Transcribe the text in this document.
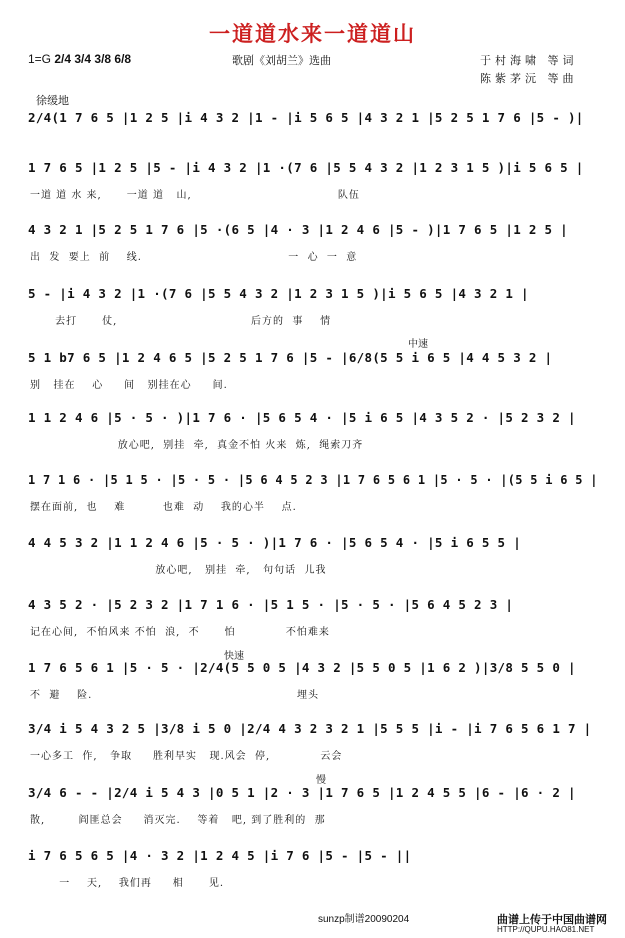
一道道水来一道道山
1=G 2/4 3/4 3/8 6/8	歌剧《刘胡兰》选曲	于村海啸 等词
陈紫茅沅 等曲
徐缓地
中速
快速
慢
2/4(1 7 6 5 |1 2 5 |i 4 3 2 |1 - |i 5 6 5 |4 3 2 1 |5 2 5 1 7 6 |5 - )|
1 7 6 5 |1 2 5 |5 - |i 4 3 2 |1 ·(7 6 |5 5 4 3 2 |1 2 3 1 5 )|i 5 6 5 |
一道 道 水 来,      一道 道   山,                                   队伍
4 3 2 1 |5 2 5 1 7 6 |5 ·(6 5 |4 · 3 |1 2 4 6 |5 - )|1 7 6 5 |1 2 5 |
出  发  要上  前    线.                                   一  心  一  意
5 - |i 4 3 2 |1 ·(7 6 |5 5 4 3 2 |1 2 3 1 5 )|i 5 6 5 |4 3 2 1 |
去打      仗,                                后方的  事    情
5 1 b7 6 5 |1 2 4 6 5 |5 2 5 1 7 6 |5 - |6/8(5 5 i 6 5 |4 4 5 3 2 |
别   挂在    心     间   别挂在心     间.
1 1 2 4 6 |5 · 5 · )|1 7 6 · |5 6 5 4 · |5 i 6 5 |4 3 5 2 · |5 2 3 2 |
放心吧,  别挂  牵,  真金不怕 火来  炼,  绳索刀齐
1 7 1 6 · |5 1 5 · |5 · 5 · |5 6 4 5 2 3 |1 7 6 5 6 1 |5 · 5 · |(5 5 i 6 5 |
摆在面前,  也    难         也难  动    我的心半    点.
4 4 5 3 2 |1 1 2 4 6 |5 · 5 · )|1 7 6 · |5 6 5 4 · |5 i 6 5 5 |
放心吧,   别挂  牵,   句句话  儿我
4 3 5 2 · |5 2 3 2 |1 7 1 6 · |5 1 5 · |5 · 5 · |5 6 4 5 2 3 |
记在心间,  不怕风来 不怕  浪,  不      怕            不怕难来
1 7 6 5 6 1 |5 · 5 · |2/4(5 5 0 5 |4 3 2 |5 5 0 5 |1 6 2 )|3/8 5 5 0 |
不  避    险.                                                 埋头
3/4 i 5 4 3 2 5 |3/8 i 5 0 |2/4 4 3 2 3 2 1 |5 5 5 |i - |i 7 6 5 6 1 7 |
一心多工  作,   争取     胜利早实   现.风会  停,            云会
3/4 6 - - |2/4 i 5 4 3 |0 5 1 |2 · 3 |1 7 6 5 |1 2 4 5 5 |6 - |6 · 2 |
散,        阎匪总会     消灭完.    等着   吧, 到了胜利的  那
i 7 6 5 6 5 |4 · 3 2 |1 2 4 5 |i 7 6 |5 - |5 - ||
一    天,    我们再     相      见.
sunzp制谱20090204	曲谱上传于中国曲谱网
HTTP://QUPU.HAO81.NET
